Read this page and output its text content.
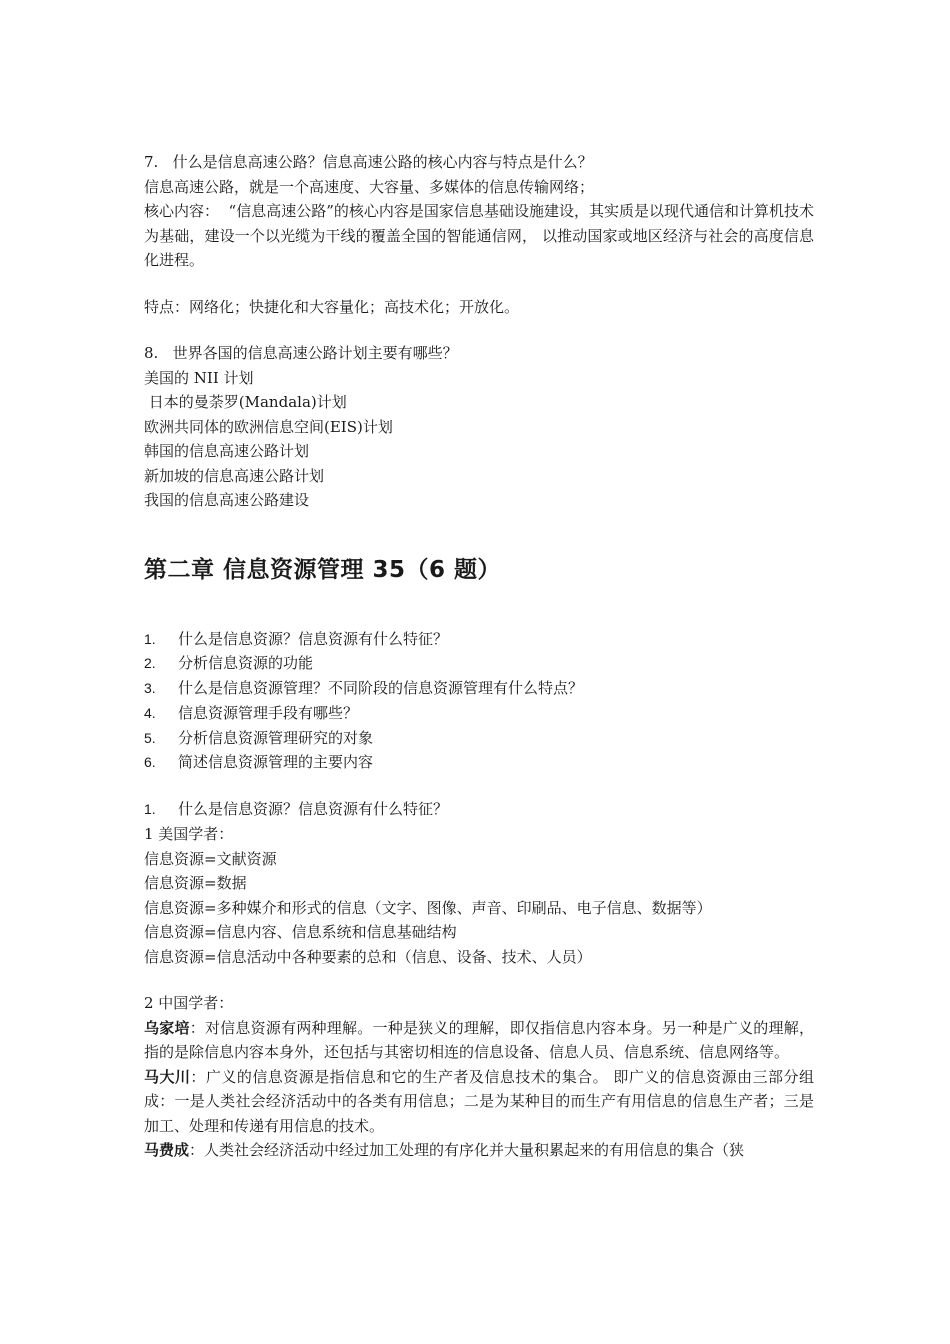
7.   什么是信息高速公路？信息高速公路的核心内容与特点是什么？

信息高速公路，就是一个高速度、大容量、多媒体的信息传输网络；

核心内容：  “信息高速公路”的核心内容是国家信息基础设施建设，其实质是以现代通信和计算机技术为基础，建设一个以光缆为干线的覆盖全国的智能通信网， 以推动国家或地区经济与社会的高度信息化进程。

特点：网络化；快捷化和大容量化；高技术化；开放化。

8.   世界各国的信息高速公路计划主要有哪些？

美国的 NII 计划

日本的曼荼罗(Mandala)计划

欧洲共同体的欧洲信息空间(EIS)计划

韩国的信息高速公路计划

新加坡的信息高速公路计划

我国的信息高速公路建设

第二章 信息资源管理 35（6 题）
1.	什么是信息资源？信息资源有什么特征？
2.	分析信息资源的功能
3.	什么是信息资源管理？不同阶段的信息资源管理有什么特点？
4.	信息资源管理手段有哪些？
5.	分析信息资源管理研究的对象
6.	简述信息资源管理的主要内容
1.	什么是信息资源？信息资源有什么特征？

1 美国学者：

信息资源=文献资源

信息资源=数据

信息资源=多种媒介和形式的信息（文字、图像、声音、印刷品、电子信息、数据等）

信息资源=信息内容、信息系统和信息基础结构

信息资源=信息活动中各种要素的总和（信息、设备、技术、人员）

2 中国学者：

乌家培：对信息资源有两种理解。一种是狭义的理解，即仅指信息内容本身。另一种是广义的理解，指的是除信息内容本身外，还包括与其密切相连的信息设备、信息人员、信息系统、信息网络等。

马大川：广义的信息资源是指信息和它的生产者及信息技术的集合。 即广义的信息资源由三部分组成：一是人类社会经济活动中的各类有用信息；二是为某种目的而生产有用信息的信息生产者；三是加工、处理和传递有用信息的技术。

马费成：人类社会经济活动中经过加工处理的有序化并大量积累起来的有用信息的集合（狭
